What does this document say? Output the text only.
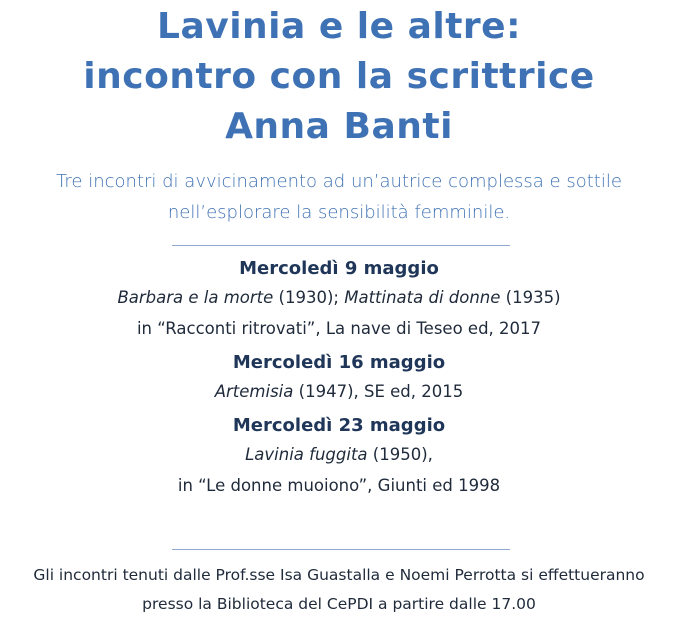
Lavinia e le altre:

incontro con la scrittrice

Anna Banti

Tre incontri di avvicinamento ad un’autrice complessa e sottile
nell’esplorare la sensibilità femminile.

Mercoledì 9 maggio

Barbara e la morte (1930); Mattinata di donne (1935)

in “Racconti ritrovati”, La nave di Teseo ed, 2017

Mercoledì 16 maggio

Artemisia (1947), SE ed, 2015

Mercoledì 23 maggio

Lavinia fuggita (1950),

in “Le donne muoiono”, Giunti ed 1998

Gli incontri tenuti dalle Prof.sse Isa Guastalla e Noemi Perrotta si effettueranno
presso la Biblioteca del CePDI a partire dalle 17.00
